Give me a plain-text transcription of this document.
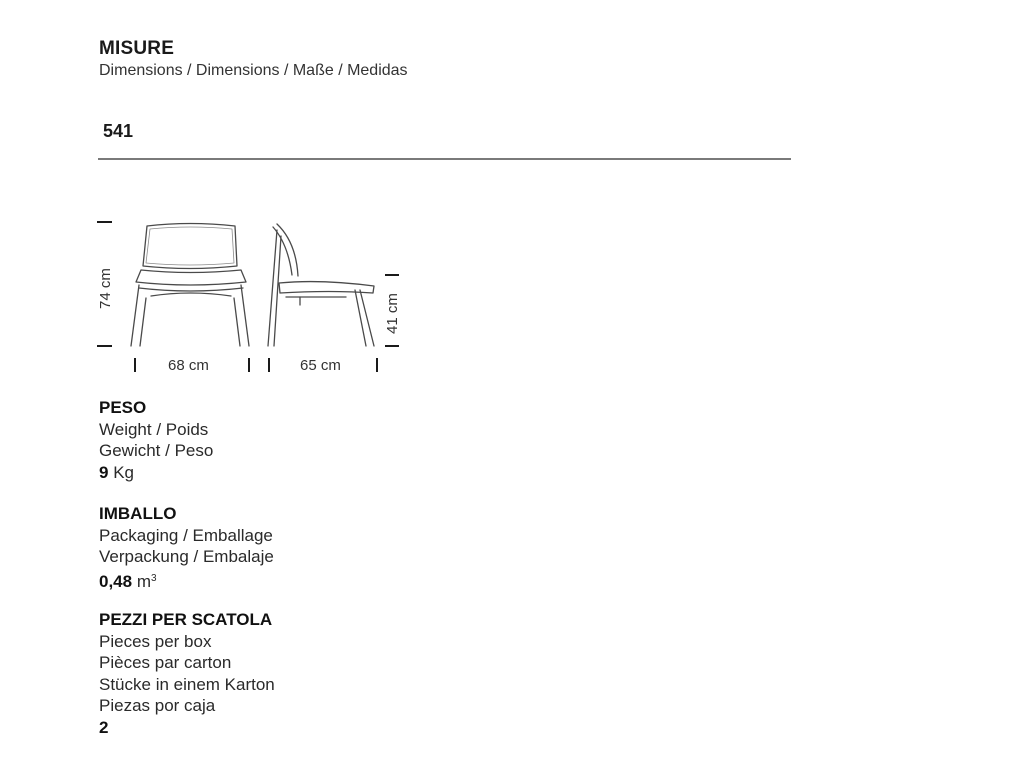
MISURE
Dimensions / Dimensions / Maße / Medidas
541
74 cm
68 cm	65 cm
41 cm
PESO
Weight / Poids
Gewicht / Peso
9 Kg
IMBALLO
Packaging / Emballage
Verpackung / Embalaje
0,48 $m^3$
PEZZI PER SCATOLA
Pieces per box
Pièces par carton
Stücke in einem Karton
Piezas por caja
2
